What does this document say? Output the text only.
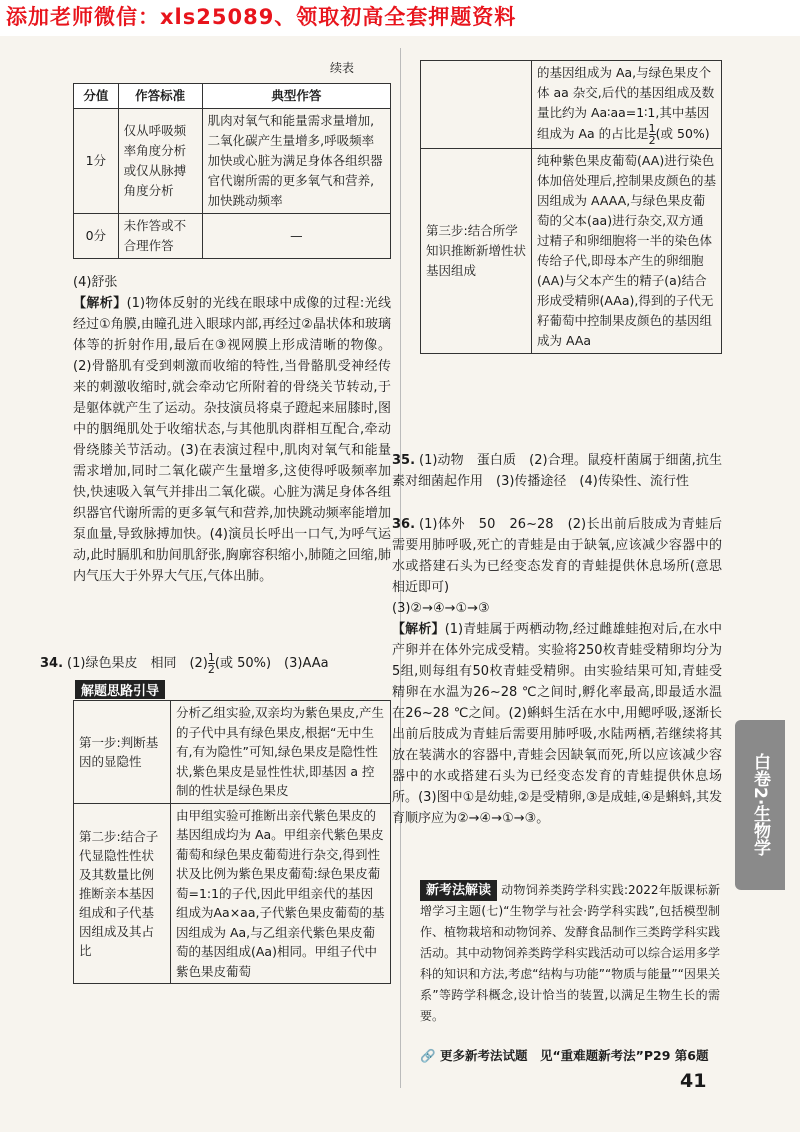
添加老师微信：xls25089、领取初高全套押题资料
续表
分值	作答标准	典型作答
1分	仅从呼吸频率角度分析或仅从脉搏角度分析	肌肉对氧气和能量需求量增加,二氧化碳产生量增多,呼吸频率加快或心脏为满足身体各组织器官代谢所需的更多氧气和营养,加快跳动频率
0分	未作答或不合理作答	—
(4)舒张
【解析】(1)物体反射的光线在眼球中成像的过程:光线经过①角膜,由瞳孔进入眼球内部,再经过②晶状体和玻璃体等的折射作用,最后在③视网膜上形成清晰的物像。(2)骨骼肌有受到刺激而收缩的特性,当骨骼肌受神经传来的刺激收缩时,就会牵动它所附着的骨绕关节转动,于是躯体就产生了运动。杂技演员将桌子蹬起来屈膝时,图中的胭绳肌处于收缩状态,与其他肌肉群相互配合,牵动骨绕膝关节活动。(3)在表演过程中,肌肉对氧气和能量需求增加,同时二氧化碳产生量增多,这使得呼吸频率加快,快速吸入氧气并排出二氧化碳。心脏为满足身体各组织器官代谢所需的更多氧气和营养,加快跳动频率能增加泵血量,导致脉搏加快。(4)演员长呼出一口气,为呼气运动,此时膈肌和肋间肌舒张,胸廓容积缩小,肺随之回缩,肺内气压大于外界大气压,气体出肺。
34. (1)绿色果皮　相同　$(2) \frac{1}{2}$ (或 50%)　(3)AAa
解题思路引导
第一步:判断基因的显隐性	分析乙组实验,双亲均为紫色果皮,产生的子代中具有绿色果皮,根据“无中生有,有为隐性”可知,绿色果皮是隐性性状,紫色果皮是显性性状,即基因 a 控制的性状是绿色果皮
第二步:结合子代显隐性性状及其数量比例推断亲本基因组成和子代基因组成及其占比	由甲组实验可推断出亲代紫色果皮的基因组成均为 Aa。甲组亲代紫色果皮葡萄和绿色果皮葡萄进行杂交,得到性状及比例为紫色果皮葡萄:绿色果皮葡萄=1:1的子代,因此甲组亲代的基因组成为Aa×aa,子代紫色果皮葡萄的基因组成为 Aa,与乙组亲代紫色果皮葡萄的基因组成(Aa)相同。甲组子代中紫色果皮葡萄
	的基因组成为 Aa,与绿色果皮个体 aa 杂交,后代的基因组成及数量比约为 Aa∶aa=1∶1,其中基因组成为 Aa 的占比是 $\frac{1}{2}$ (或 50%)
第三步:结合所学知识推断新增性状基因组成	纯种紫色果皮葡萄(AA)进行染色体加倍处理后,控制果皮颜色的基因组成为 AAAA,与绿色果皮葡萄的父本(aa)进行杂交,双方通过精子和卵细胞将一半的染色体传给子代,即母本产生的卵细胞(AA)与父本产生的精子(a)结合形成受精卵(AAa),得到的子代无籽葡萄中控制果皮颜色的基因组成为 AAa
35. (1)动物　蛋白质　(2)合理。鼠疫杆菌属于细菌,抗生素对细菌起作用　(3)传播途径　(4)传染性、流行性
36. (1)体外　50　26~28　(2)长出前后肢成为青蛙后需要用肺呼吸,死亡的青蛙是由于缺氧,应该减少容器中的水或搭建石头为已经变态发育的青蛙提供休息场所(意思相近即可)
(3)②→④→①→③
【解析】(1)青蛙属于两栖动物,经过雌雄蛙抱对后,在水中产卵并在体外完成受精。实验将250枚青蛙受精卵均分为5组,则每组有50枚青蛙受精卵。由实验结果可知,青蛙受精卵在水温为26~28 ℃之间时,孵化率最高,即最适水温在26~28 ℃之间。(2)蝌蚪生活在水中,用鳃呼吸,逐渐长出前后肢成为青蛙后需要用肺呼吸,水陆两栖,若继续将其放在装满水的容器中,青蛙会因缺氧而死,所以应该减少容器中的水或搭建石头为已经变态发育的青蛙提供休息场所。(3)图中①是幼蛙,②是受精卵,③是成蛙,④是蝌蚪,其发育顺序应为②→④→①→③。
新考法解读 动物饲养类跨学科实践:2022年版课标新增学习主题(七)“生物学与社会·跨学科实践”,包括模型制作、植物栽培和动物饲养、发酵食品制作三类跨学科实践活动。其中动物饲养类跨学科实践活动可以综合运用多学科的知识和方法,考虑“结构与功能”“物质与能量”“因果关系”等跨学科概念,设计恰当的装置,以满足生物生长的需要。
🔗 更多新考法试题　见“重难题新考法”P29 第6题
白卷2·生物学
41
